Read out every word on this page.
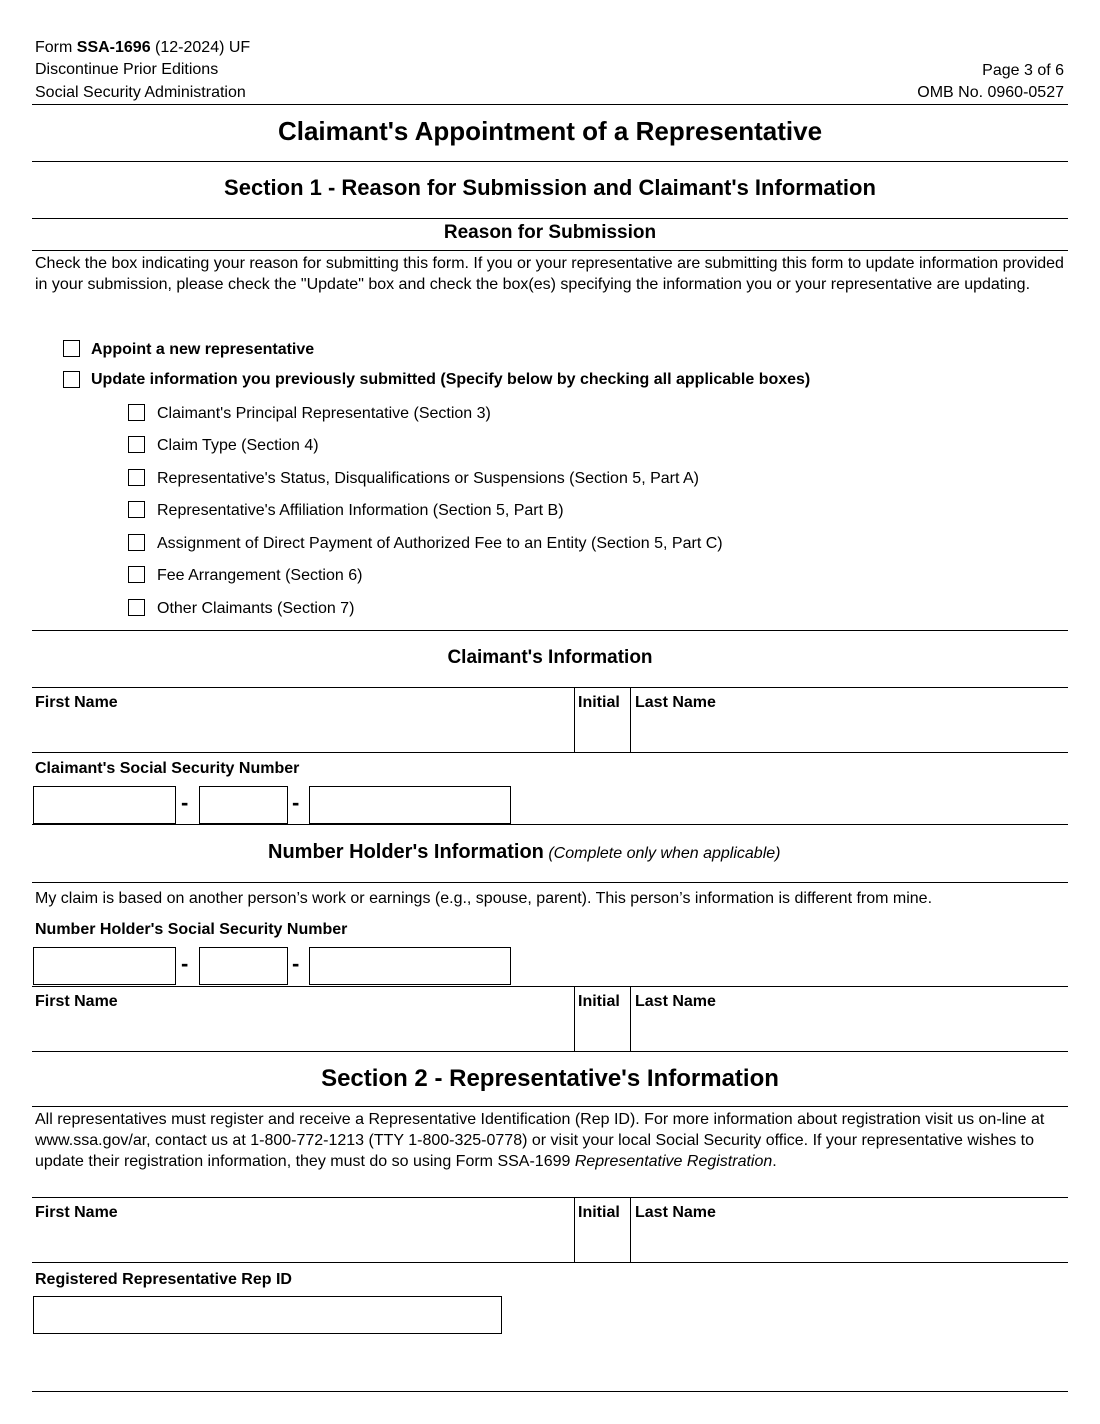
Form SSA-1696 (12-2024) UF
Discontinue Prior Editions
Social Security Administration
Page 3 of 6
OMB No. 0960-0527
Claimant's Appointment of a Representative
Section 1 - Reason for Submission and Claimant's Information
Reason for Submission
Check the box indicating your reason for submitting this form. If you or your representative are submitting this form to update information provided in your submission, please check the "Update" box and check the box(es) specifying the information you or your representative are updating.
Appoint a new representative
Update information you previously submitted (Specify below by checking all applicable boxes)
Claimant's Principal Representative (Section 3)
Claim Type (Section 4)
Representative's Status, Disqualifications or Suspensions (Section 5, Part A)
Representative's Affiliation Information (Section 5, Part B)
Assignment of Direct Payment of Authorized Fee to an Entity (Section 5, Part C)
Fee Arrangement (Section 6)
Other Claimants (Section 7)
Claimant's Information
First Name	Initial Last Name
Claimant's Social Security Number
-	-
Number Holder's Information (Complete only when applicable)
My claim is based on another person’s work or earnings (e.g., spouse, parent). This person’s information is different from mine.
Number Holder's Social Security Number
-	-
First Name	Initial Last Name
Section 2 - Representative's Information
All representatives must register and receive a Representative Identification (Rep ID). For more information about registration visit us on-line at www.ssa.gov/ar, contact us at 1-800-772-1213 (TTY 1-800-325-0778) or visit your local Social Security office. If your representative wishes to update their registration information, they must do so using Form SSA-1699 Representative Registration.
First Name	Initial Last Name
Registered Representative Rep ID
